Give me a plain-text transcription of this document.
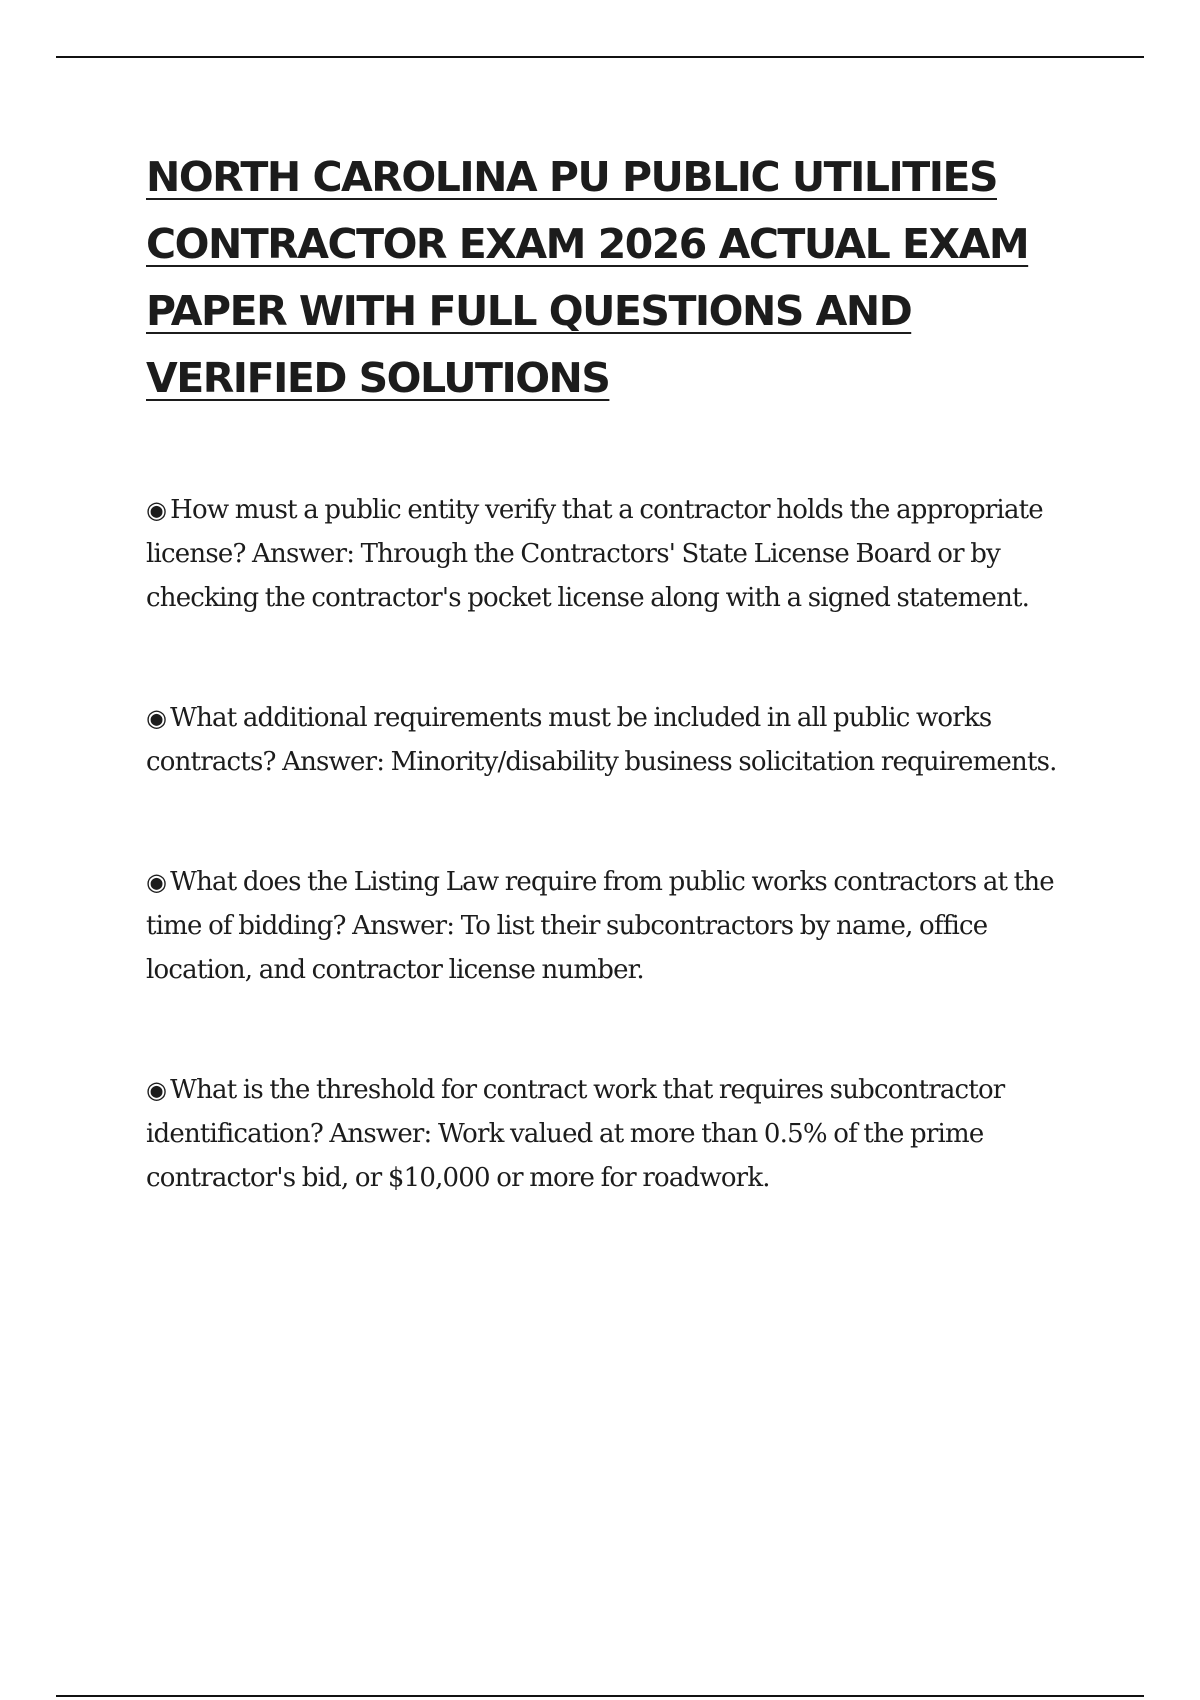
NORTH CAROLINA PU PUBLIC UTILITIES CONTRACTOR EXAM 2026 ACTUAL EXAM PAPER WITH FULL QUESTIONS AND VERIFIED SOLUTIONS

◉ How must a public entity verify that a contractor holds the appropriate license? Answer: Through the Contractors' State License Board or by checking the contractor's pocket license along with a signed statement.

◉ What additional requirements must be included in all public works contracts? Answer: Minority/disability business solicitation requirements.

◉ What does the Listing Law require from public works contractors at the time of bidding? Answer: To list their subcontractors by name, office location, and contractor license number.

◉ What is the threshold for contract work that requires subcontractor identification? Answer: Work valued at more than 0.5% of the prime contractor's bid, or $10,000 or more for roadwork.
